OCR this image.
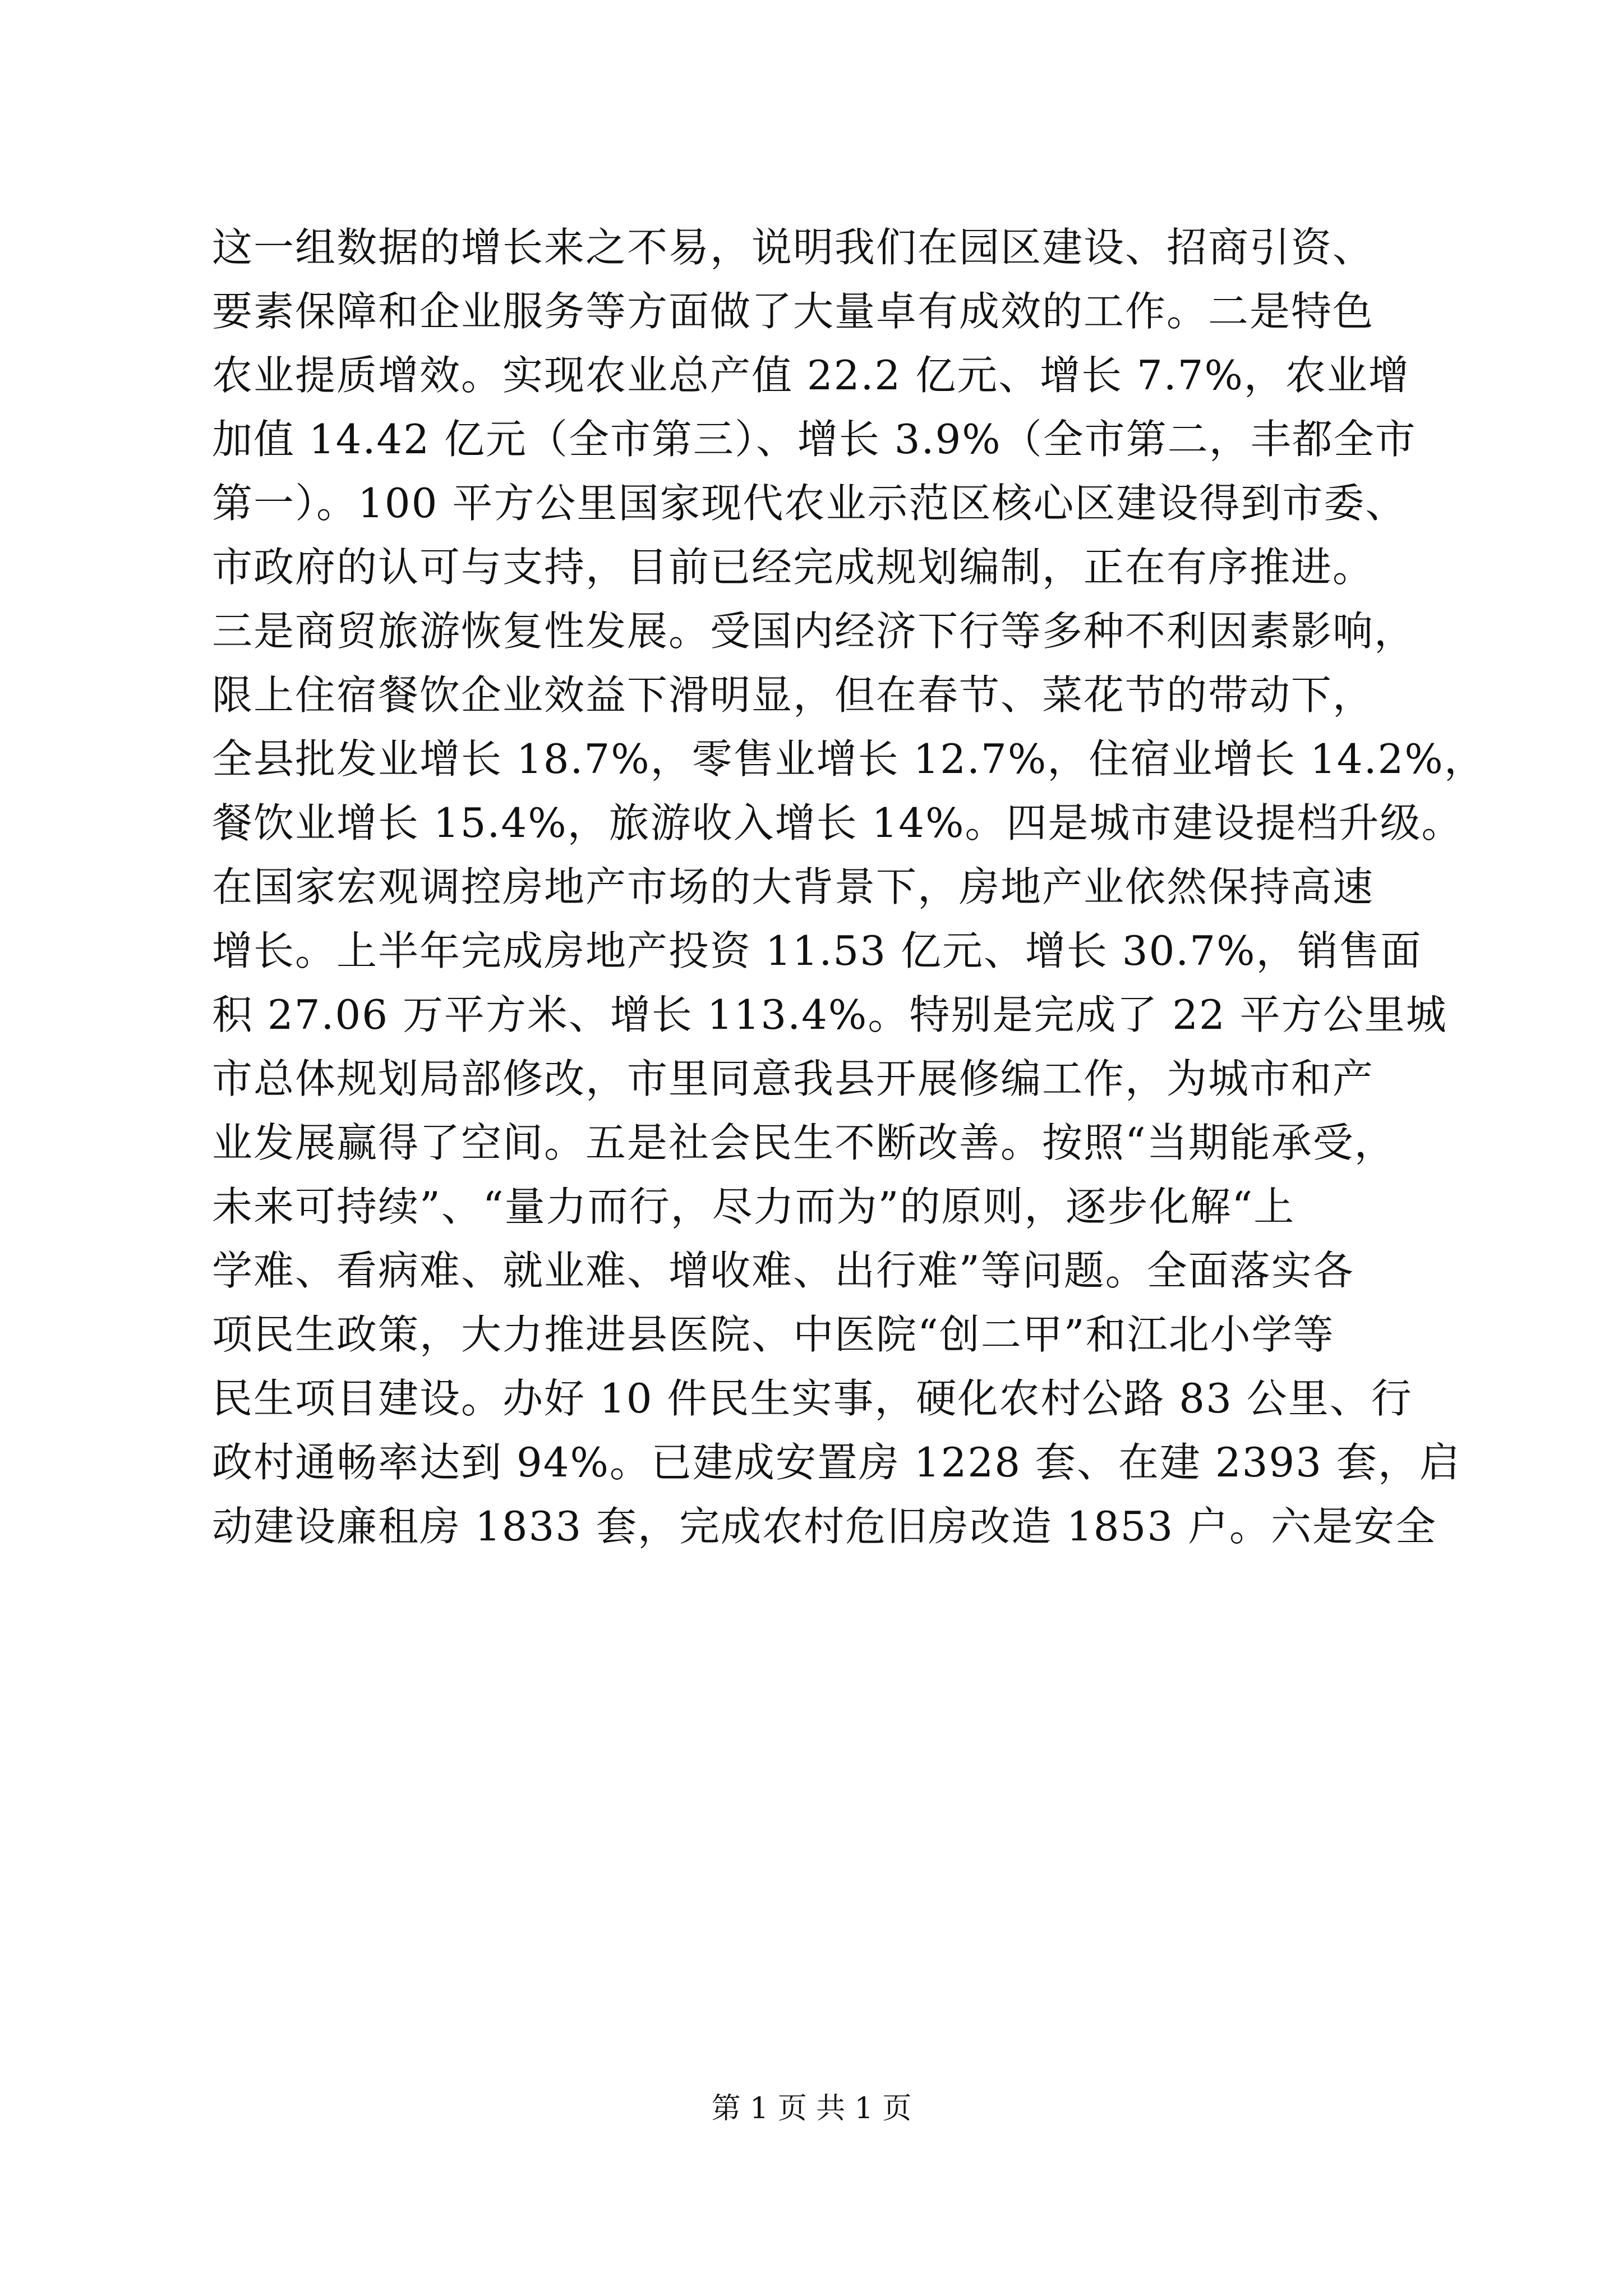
这一组数据的增长来之不易，说明我们在园区建设、招商引资、
要素保障和企业服务等方面做了大量卓有成效的工作。二是特色
农业提质增效。实现农业总产值 22.2 亿元、增长 7.7%，农业增
加值 14.42 亿元（全市第三）、增长 3.9%（全市第二，丰都全市
第一）。100 平方公里国家现代农业示范区核心区建设得到市委、
市政府的认可与支持，目前已经完成规划编制，正在有序推进。
三是商贸旅游恢复性发展。受国内经济下行等多种不利因素影响，
限上住宿餐饮企业效益下滑明显，但在春节、菜花节的带动下，
全县批发业增长 18.7%，零售业增长 12.7%，住宿业增长 14.2%，
餐饮业增长 15.4%，旅游收入增长 14%。四是城市建设提档升级。
在国家宏观调控房地产市场的大背景下，房地产业依然保持高速
增长。上半年完成房地产投资 11.53 亿元、增长 30.7%，销售面
积 27.06 万平方米、增长 113.4%。特别是完成了 22 平方公里城
市总体规划局部修改，市里同意我县开展修编工作，为城市和产
业发展赢得了空间。五是社会民生不断改善。按照“当期能承受，
未来可持续”、“量力而行，尽力而为”的原则，逐步化解“上
学难、看病难、就业难、增收难、出行难”等问题。全面落实各
项民生政策，大力推进县医院、中医院“创二甲”和江北小学等
民生项目建设。办好 10 件民生实事，硬化农村公路 83 公里、行
政村通畅率达到 94%。已建成安置房 1228 套、在建 2393 套，启
动建设廉租房 1833 套，完成农村危旧房改造 1853 户。六是安全
第 1 页 共 1 页
